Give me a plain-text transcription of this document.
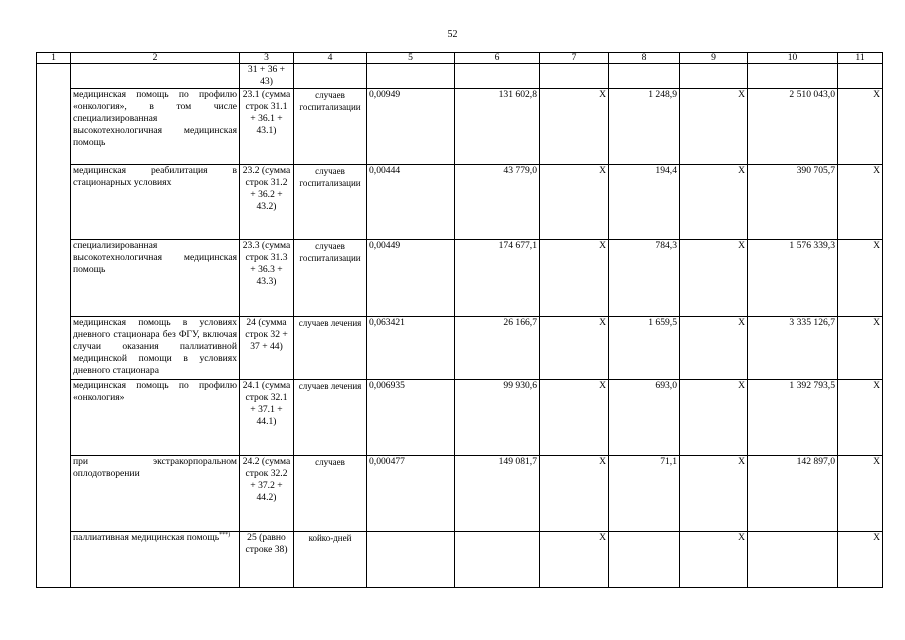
52
1	2	3	4	5	6	7	8	9	10	11
		31 + 36 + 43)								
	медицинская помощь по профилю «онкология», в том числе специализированная высокотехнологичная медицинская помощь	23.1 (сумма строк 31.1 + 36.1 + 43.1)	случаев госпитализации	0,00949	131 602,8	X	1 248,9	X	2 510 043,0	X
	медицинская реабилитация в стационарных условиях	23.2 (сумма строк 31.2 + 36.2 + 43.2)	случаев госпитализации	0,00444	43 779,0	X	194,4	X	390 705,7	X
	специализированная высокотехнологичная медицинская помощь	23.3 (сумма строк 31.3 + 36.3 + 43.3)	случаев госпитализации	0,00449	174 677,1	X	784,3	X	1 576 339,3	X
	медицинская помощь в условиях дневного стационара без ФГУ, включая случаи оказания паллиативной медицинской помощи в условиях дневного стационара	24 (сумма строк 32 + 37 + 44)	случаев лечения	0,063421	26 166,7	X	1 659,5	X	3 335 126,7	X
	медицинская помощь по профилю «онкология»	24.1 (сумма строк 32.1 + 37.1 + 44.1)	случаев лечения	0,006935	99 930,6	X	693,0	X	1 392 793,5	X
	при экстракорпоральном оплодотворении	24.2 (сумма строк 32.2 + 37.2 + 44.2)	случаев	0,000477	149 081,7	X	71,1	X	142 897,0	X
	паллиативная медицинская помощь***)	25 (равно строке 38)	койко-дней			X		X		X
